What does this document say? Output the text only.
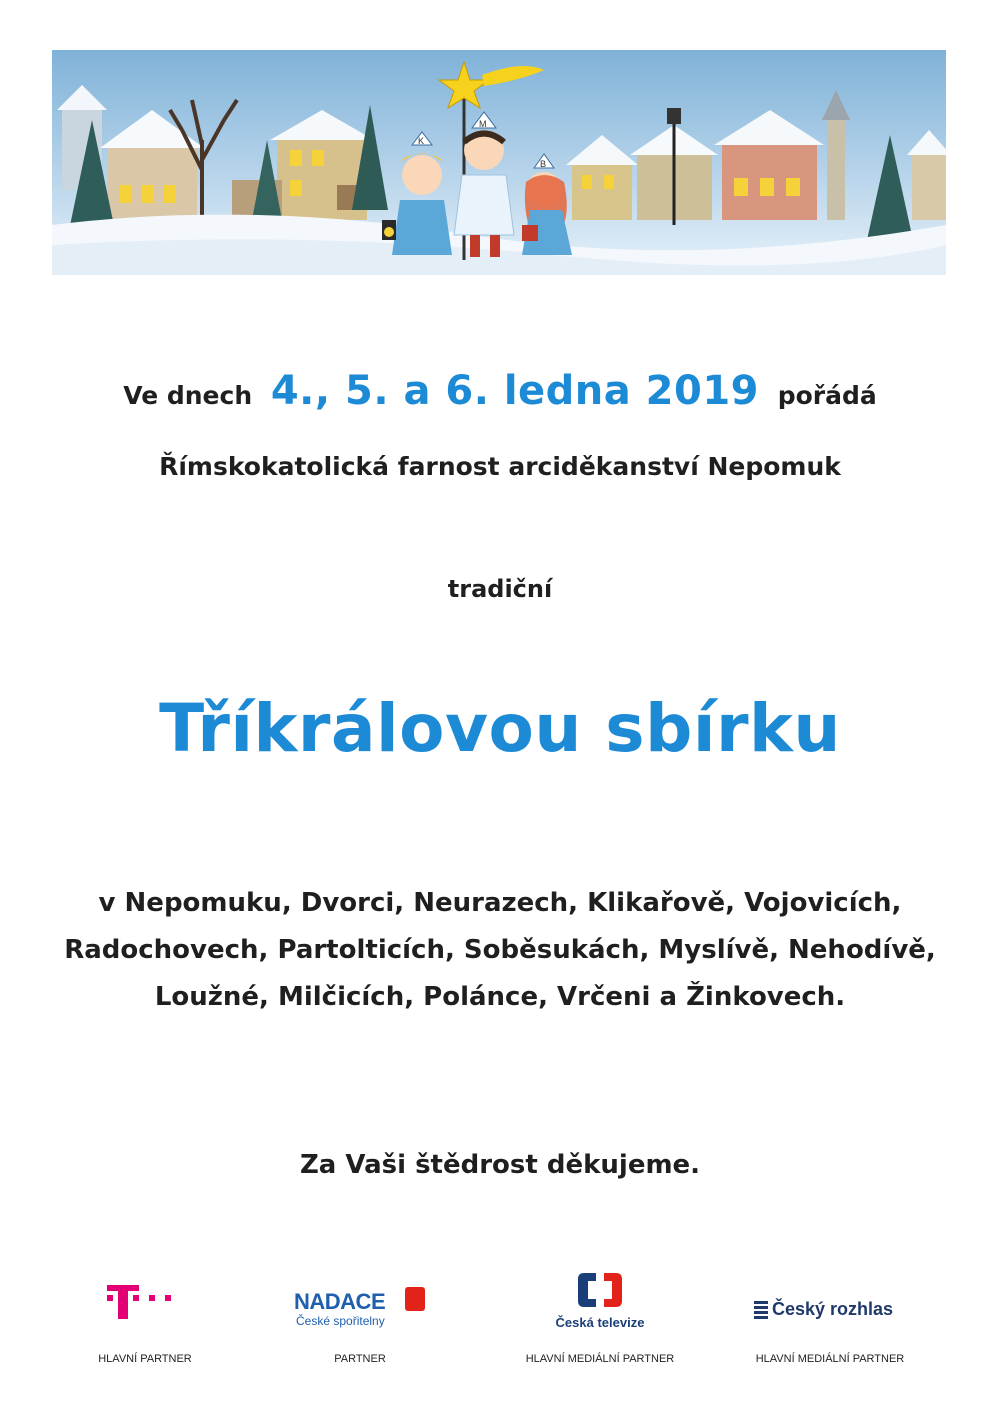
K
M
B
Ve dnech 4., 5. a 6. ledna 2019 pořádá
Římskokatolická farnost arciděkanství Nepomuk
tradiční
Tříkrálovou sbírku
v Nepomuku, Dvorci, Neurazech, Klikařově, Vojovicích,
Radochovech, Partolticích, Soběsukách, Myslívě, Nehodívě,
Loužné, Milčicích, Polánce, Vrčeni a Žinkovech.
Za Vaši štědrost děkujeme.
HLAVNÍ PARTNER
NADACE
České spořitelny
PARTNER
Česká televize
HLAVNÍ MEDIÁLNÍ PARTNER
Český rozhlas
HLAVNÍ MEDIÁLNÍ PARTNER
